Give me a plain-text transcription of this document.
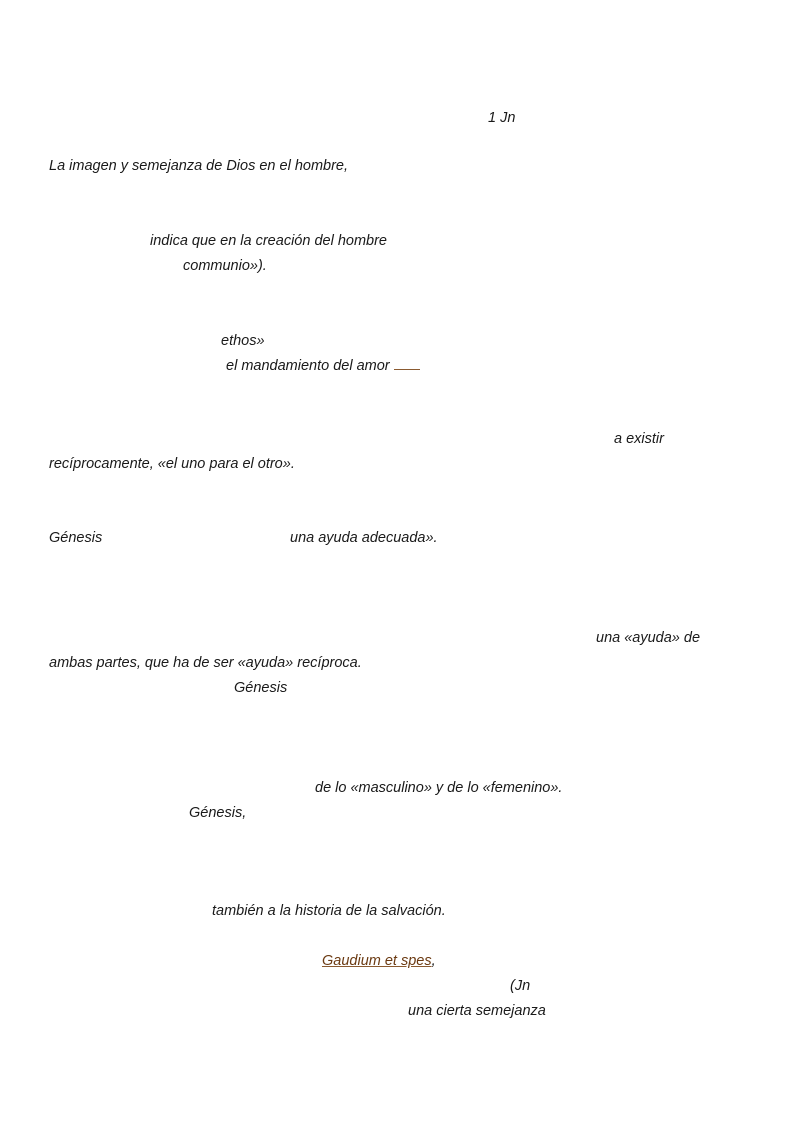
1 Jn
La imagen y semejanza de Dios en el hombre,
indica que en la creación del hombre
communio»).
ethos»
el mandamiento del amor
a existir
recíprocamente, «el uno para el otro».
Génesis	una ayuda adecuada».
una «ayuda» de
ambas partes, que ha de ser «ayuda» recíproca.
Génesis
de lo «masculino» y de lo «femenino».
Génesis,
también a la historia de la salvación.
Gaudium et spes,
(Jn
una cierta semejanza
